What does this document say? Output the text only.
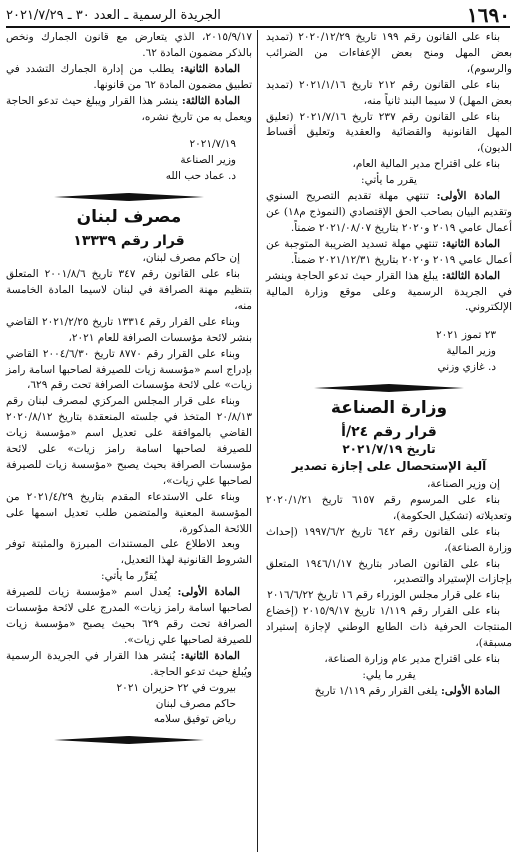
١٦٩٠
الجريدة الرسمية ـ العدد ٣٠ ـ ٢٠٢١/٧/٢٩

بناء على القانون رقم ١٩٩ تاريخ ٢٠٢٠/١٢/٢٩ (تمديد بعض المهل ومنح بعض الإعفاءات من الضرائب والرسوم)،

بناء على القانون رقم ٢١٢ تاريخ ٢٠٢١/١/١٦ (تمديد بعض المهل) لا سيما البند ثانياً منه،

بناء على القانون رقم ٢٣٧ تاريخ ٢٠٢١/٧/١٦ (تعليق المهل القانونية والقضائية والعقدية وتعليق أقساط الديون)،

بناء على اقتراح مدير المالية العام،

يقرر ما يأتي:

المادة الأولى: تنتهي مهلة تقديم التصريح السنوي وتقديم البيان بصاحب الحق الإقتصادي (النموذج م١٨) عن أعمال عامي ٢٠١٩ و٢٠٢٠ بتاريخ ٢٠٢١/٠٨/٠٧ ضمناً.

المادة الثانية: تنتهي مهلة تسديد الضريبة المتوجبة عن أعمال عامي ٢٠١٩ و٢٠٢٠ بتاريخ ٢٠٢١/١٢/٣١ ضمناً.

المادة الثالثة: يبلغ هذا القرار حيث تدعو الحاجة وينشر في الجريدة الرسمية وعلى موقع وزارة المالية الإلكتروني.

٢٣ تموز ٢٠٢١

وزير المالية

د. غازي وزني

وزارة الصناعة
قرار رقم ٢٤/أ
تاريخ ٢٠٢١/٧/١٩
آلية الإستحصال على إجازة تصدير

إن وزير الصناعة،

بناء على المرسوم رقم ٦١٥٧ تاريخ ٢٠٢٠/١/٢١ وتعديلاته (تشكيل الحكومة)،

بناء على القانون رقم ٦٤٢ تاريخ ١٩٩٧/٦/٢ (إحداث وزارة الصناعة)،

بناء على القانون الصادر بتاريخ ١٩٤٦/١/١٧ المتعلق بإجازات الإستيراد والتصدير،

بناء على قرار مجلس الوزراء رقم ١٦ تاريخ ٢٠١٦/٦/٢٢

بناء على القرار رقم ١/١١٩ تاريخ ٢٠١٥/٩/١٧ (إخضاع المنتجات الحرفية ذات الطابع الوطني لإجازة إستيراد مسبقة)،

بناء على اقتراح مدير عام وزارة الصناعة،

يقرر ما يلي:

المادة الأولى: يلغى القرار رقم ١/١١٩ تاريخ

٢٠١٥/٩/١٧، الذي يتعارض مع قانون الجمارك ونخص بالذكر مضمون المادة ٦٢.

المادة الثانية: يطلب من إدارة الجمارك التشدد في تطبيق مضمون المادة ٦٢ من قانونها.

المادة الثالثة: ينشر هذا القرار ويبلغ حيث تدعو الحاجة ويعمل به من تاريخ نشره،

٢٠٢١/٧/١٩

وزير الصناعة

د. عماد حب الله

مصرف لبنان
قرار رقم ١٣٣٣٩

إن حاكم مصرف لبنان،

بناء على القانون رقم ٣٤٧ تاريخ ٢٠٠١/٨/٦ المتعلق بتنظيم مهنة الصرافة في لبنان لاسيما المادة الخامسة منه،

وبناء على القرار رقم ١٣٣١٤ تاريخ ٢٠٢١/٢/٢٥ القاضي بنشر لائحة مؤسسات الصرافة للعام ٢٠٢١،

وبناء على القرار رقم ٨٧٧٠ تاريخ ٢٠٠٤/٦/٣٠ القاضي بإدراج اسم «مؤسسة زيات للصيرفة لصاحبها اسامة رامز زيات» على لائحة مؤسسات الصرافة تحت رقم ٦٢٩،

وبناء على قرار المجلس المركزي لمصرف لبنان رقم ٢٠/٨/١٣ المتخذ في جلسته المنعقدة بتاريخ ٢٠٢٠/٨/١٢ القاضي بالموافقة على تعديل اسم «مؤسسة زيات للصيرفة لصاحبها اسامة رامز زيات» على لائحة مؤسسات الصرافة بحيث يصبح «مؤسسة زيات للصيرفة لصاحبها علي زيات»،

وبناء على الاستدعاء المقدم بتاريخ ٢٠٢١/٤/٢٩ من المؤسسة المعنية والمتضمن طلب تعديل اسمها على اللائحة المذكورة،

وبعد الاطلاع على المستندات المبرزة والمثبتة توفر الشروط القانونية لهذا التعديل،

يُقرِّر ما يأتي:

المادة الأولى: يُعدل اسم «مؤسسة زيات للصيرفة لصاحبها اسامة رامز زيات» المدرج على لائحة مؤسسات الصرافة تحت رقم ٦٢٩ بحيث يصبح «مؤسسة زيات للصيرفة لصاحبها علي زيات».

المادة الثانية: يُنشر هذا القرار في الجريدة الرسمية ويُبلغ حيث تدعو الحاجة.

بيروت في ٢٢ حزيران ٢٠٢١

حاكم مصرف لبنان

رياض توفيق سلامه
